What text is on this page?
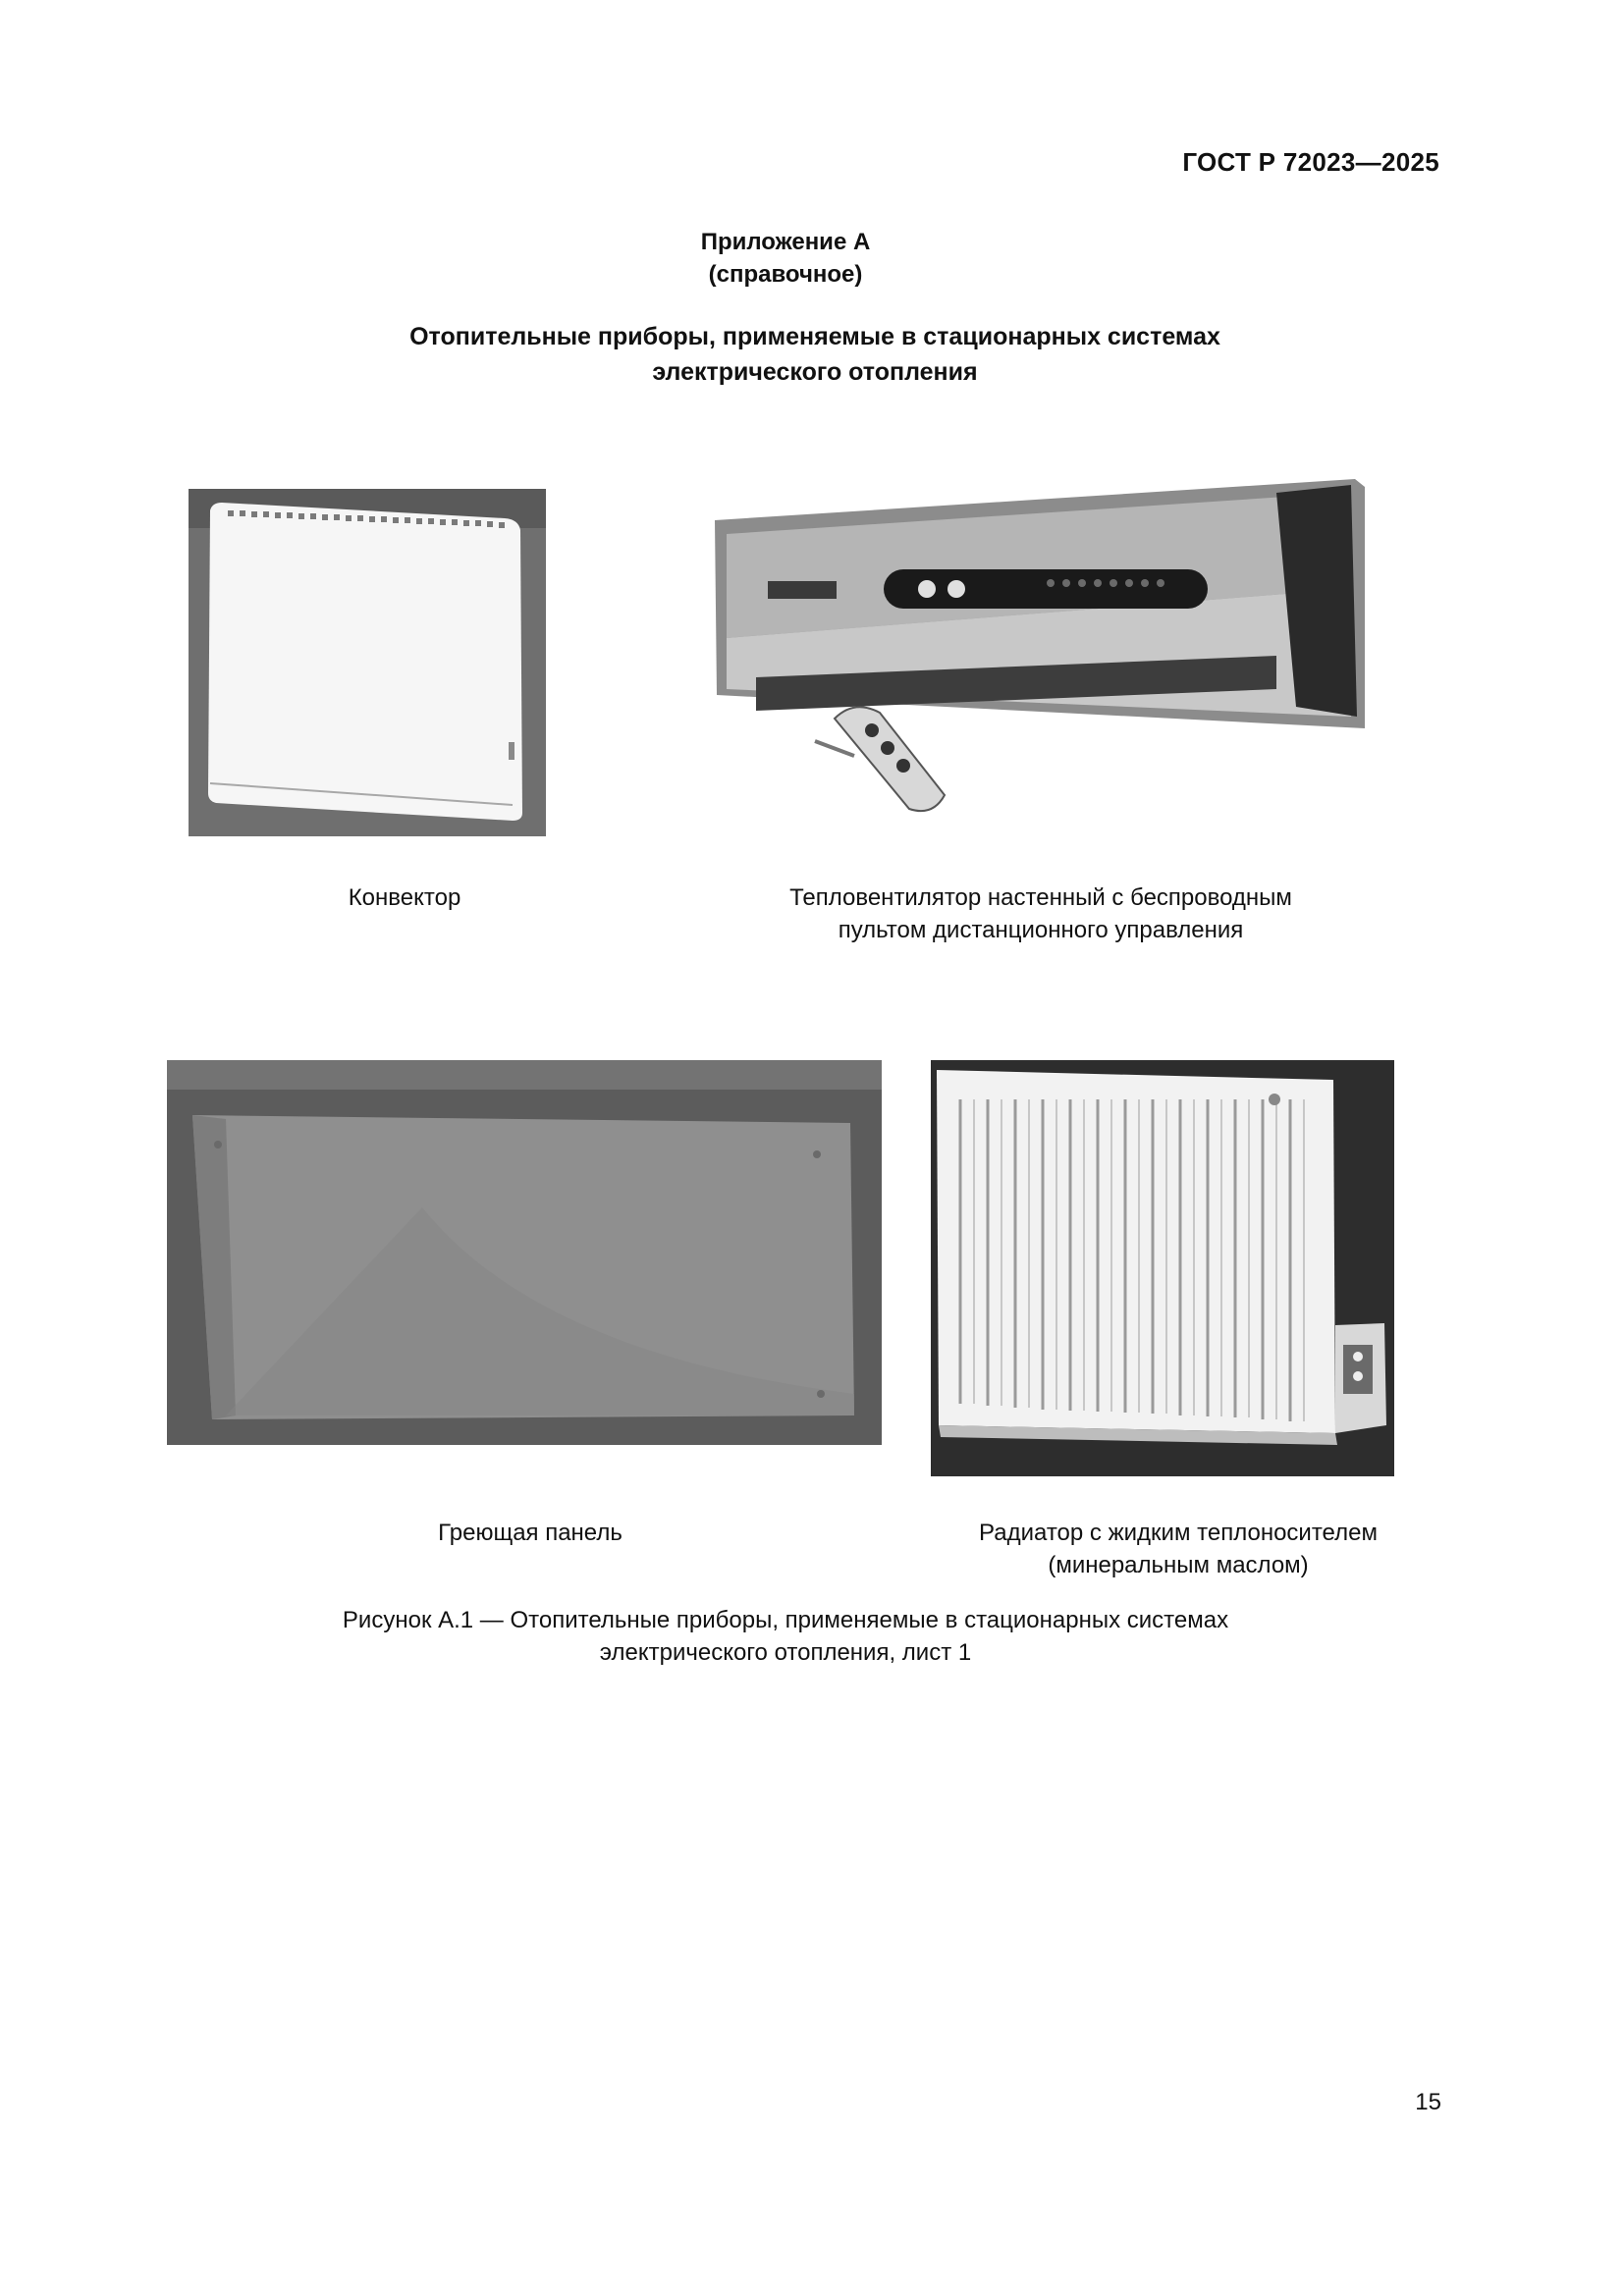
ГОСТ Р 72023—2025
Приложение А
(справочное)
Отопительные приборы, применяемые в стационарных системах
электрического отопления
Конвектор	Тепловентилятор настенный с беспроводным
пультом дистанционного управления
Греющая панель	Радиатор с жидким теплоносителем
(минеральным маслом)
Рисунок А.1 — Отопительные приборы, применяемые в стационарных системах
электрического отопления, лист 1
15
